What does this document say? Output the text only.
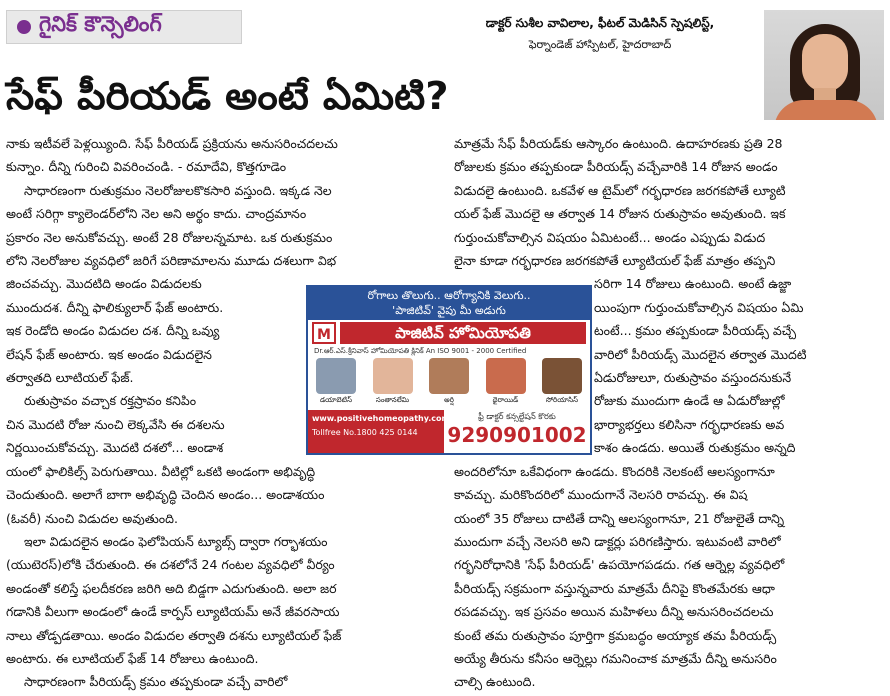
గైనిక్ కౌన్సెలింగ్	డాక్టర్ సుశీల వావిలాల, ఫీటల్ మెడిసిన్ స్పెషలిస్ట్,
ఫెర్నాండెజ్ హాస్పిటల్, హైదరాబాద్
సేఫ్ పీరియడ్ అంటే ఏమిటి?

నాకు ఇటీవలే పెళ్లయ్యింది. సేఫ్ పీరియడ్ ప్రక్రియను అనుసరించదలచు

కున్నాం. దీన్ని గురించి వివరించండి. - రమాదేవి, కొత్తగూడెం

సాధారణంగా రుతుక్రమం నెలరోజులకొకసారి వస్తుంది. ఇక్కడ నెల

అంటే సరిగ్గా క్యాలెండర్‌లోని నెల అని అర్థం కాదు. చాంద్రమానం

ప్రకారం నెల అనుకోవచ్చు. అంటే 28 రోజులన్నమాట. ఒక రుతుక్రమం

లోని నెలరోజుల వ్యవధిలో జరిగే పరిణామాలను మూడు దశలుగా విభ

జించవచ్చు. మొదటిది అండం విడుదలకు

ముందుదశ. దీన్ని ఫాలిక్యులార్ ఫేజ్ అంటారు.

ఇక రెండోది అండం విడుదల దశ. దీన్ని ఒవ్యు

లేషన్ ఫేజ్ అంటారు. ఇక అండం విడుదలైన

తర్వాతది లూటియల్ ఫేజ్.

రుతుస్రావం వచ్చాక రక్తస్రావం కనిపిం

చిన మొదటి రోజు నుంచి లెక్కవేసి ఈ దశలను

నిర్ణయించుకోవచ్చు. మొదటి దశలో... అండాశ

యంలో ఫాలికిల్స్ పెరుగుతాయి. వీటిల్లో ఒకటి అండంగా అభివృద్ధి

చెందుతుంది. అలాగే బాగా అభివృద్ధి చెందిన అండం... అండాశయం

(ఓవరీ) నుంచి విడుదల అవుతుంది.

ఇలా విడుదలైన అండం ఫెలోపియన్ ట్యూబ్స్ ద్వారా గర్భాశయం

(యుటెరస్)లోకి చేరుతుంది. ఈ దశలోనే 24 గంటల వ్యవధిలో వీర్యం

అండంతో కలిస్తే ఫలదీకరణ జరిగి అది బిడ్డగా ఎదుగుతుంది. అలా జర

గడానికి వీలుగా అండంలో ఉండే కార్పస్ ల్యూటియమ్ అనే జీవరసాయ

నాలు తోడ్పడతాయి. అండం విడుదల తర్వాతి దశను ల్యూటియల్ ఫేజ్

అంటారు. ఈ లూటియల్ ఫేజ్ 14 రోజులు ఉంటుంది.

సాధారణంగా పీరియడ్స్ క్రమం తప్పకుండా వచ్చే వారిలో

మాత్రమే సేఫ్ పీరియడ్‌కు ఆస్కారం ఉంటుంది. ఉదాహరణకు ప్రతి 28

రోజులకు క్రమం తప్పకుండా పీరియడ్స్ వచ్చేవారికి 14 రోజున అండం

విడుదలై ఉంటుంది. ఒకవేళ ఆ టైమ్‌లో గర్భధారణ జరగకపోతే ల్యూటి

యల్ ఫేజ్ మొదలై ఆ తర్వాత 14 రోజున రుతుస్రావం అవుతుంది. ఇక

గుర్తుంచుకోవాల్సిన విషయం ఏమిటంటే... అండం ఎప్పుడు విడుద

లైనా కూడా గర్భధారణ జరగకపోతే ల్యూటియల్ ఫేజ్ మాత్రం తప్పని

సరిగా 14 రోజులు ఉంటుంది. అంటే ఉజ్జా

యింపుగా గుర్తుంచుకోవాల్సిన విషయం ఏమి

టంటే... క్రమం తప్పకుండా పీరియడ్స్ వచ్చే

వారిలో పీరియడ్స్ మొదలైన తర్వాత మొదటి

ఏడురోజులూ, రుతుస్రావం వస్తుందనుకునే

రోజుకు ముందుగా ఉండే ఆ ఏడురోజుల్లో

భార్యాభర్తలు కలిసినా గర్భధారణకు అవ

కాశం ఉండదు. అయితే రుతుక్రమం అన్నది

అందరిలోనూ ఒకేవిధంగా ఉండదు. కొందరికి నెలకంటే ఆలస్యంగానూ

కావచ్చు. మరికొందరిలో ముందుగానే నెలసరి రావచ్చు. ఈ విష

యంలో 35 రోజులు దాటితే దాన్ని ఆలస్యంగానూ, 21 రోజులైతే దాన్ని

ముందుగా వచ్చే నెలసరి అని డాక్టర్లు పరిగణిస్తారు. ఇటువంటి వారిలో

గర్భనిరోధానికి 'సేఫ్ పీరియడ్' ఉపయోగపడదు. గత ఆర్నెల్ల వ్యవధిలో

పీరియడ్స్ సక్రమంగా వస్తున్నవారు మాత్రమే దీనిపై కొంతమేరకు ఆధా

రపడవచ్చు. ఇక ప్రసవం అయిన మహిళలు దీన్ని అనుసరించదలచు

కుంటే తమ రుతుస్రావం పూర్తిగా క్రమబద్ధం అయ్యాక తమ పీరియడ్స్

అయ్యే తీరును కనీసం ఆర్నెల్లు గమనించాక మాత్రమే దీన్ని అనుసరిం

చాల్సి ఉంటుంది.

రోగాలు తొలుగు.. ఆరోగ్యానికి వెలుగు..
'పాజిటివ్' వైపు మీ అడుగు
M	పాజిటివ్ హోమియోపతి
Dr.ఆర్.ఎస్.శ్రీనివాస్ హోమియోపతి క్లినిక్ An ISO 9001 - 2000 Certified
డయాబెటిస్	సంతానలేమి	అర్షి	థైరాయిడ్	సోరియాసిస్
www.positivehomeopathy.com
Tollfree No.1800 425 0144
ఫ్రీ డాక్టర్ కన్సల్టేషన్ కొరకు
9290901002
